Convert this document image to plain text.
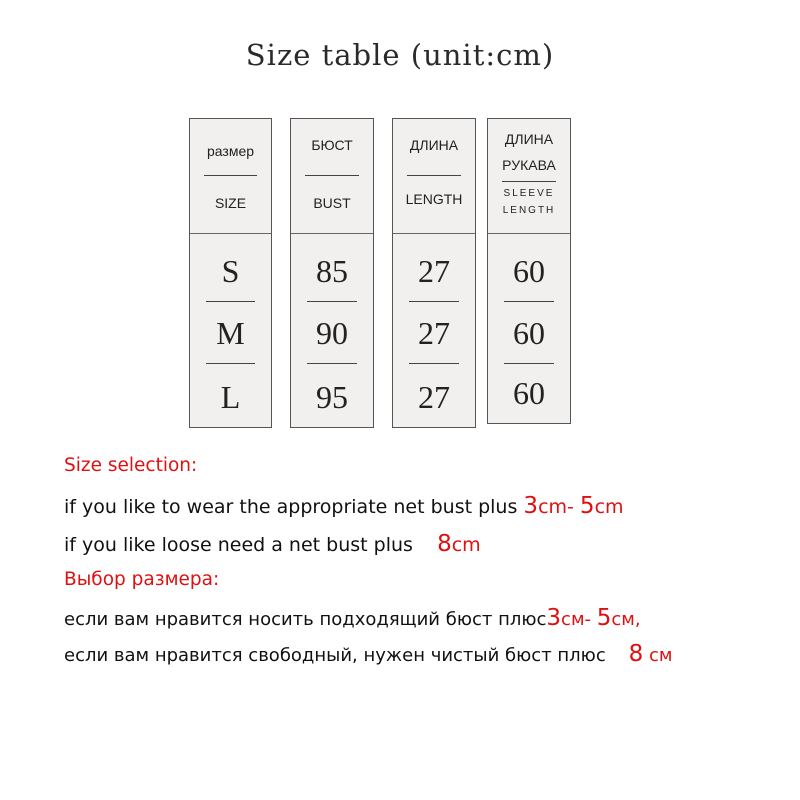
Size table (unit:cm)
размер
SIZE
S
M
L
БЮСТ
BUST
85
90
95
ДЛИНА
LENGTH
27
27
27
ДЛИНА
РУКАВА
SLEEVE
LENGTH
60
60
60
Size selection:
if you like to wear the appropriate net bust plus 3cm- 5cm
if you like loose need a net bust plus 8cm
Выбор размера:
если вам нравится носить подходящий бюст плюс3см- 5см,
если вам нравится свободный, нужен чистый бюст плюс 8 см
